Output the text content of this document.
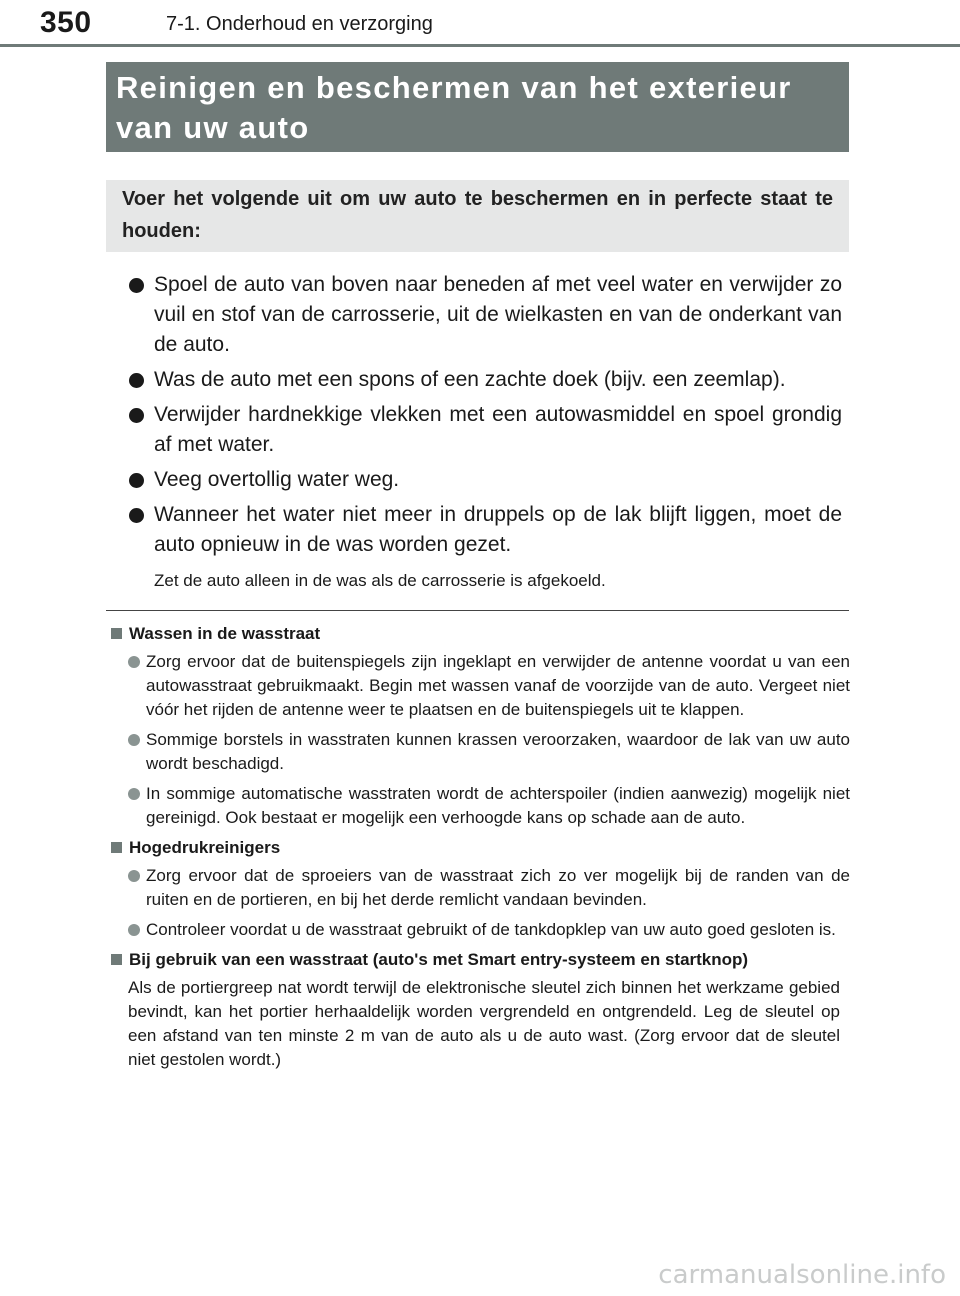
350	7-1. Onderhoud en verzorging
Reinigen en beschermen van het exterieur
van uw auto
Voer het volgende uit om uw auto te beschermen en in perfecte staat te houden:
Spoel de auto van boven naar beneden af met veel water en verwijder zo vuil en stof van de carrosserie, uit de wielkasten en van de onderkant van de auto.
Was de auto met een spons of een zachte doek (bijv. een zeemlap).
Verwijder hardnekkige vlekken met een autowasmiddel en spoel grondig af met water.
Veeg overtollig water weg.
Wanneer het water niet meer in druppels op de lak blijft liggen, moet de auto opnieuw in de was worden gezet.
Zet de auto alleen in de was als de carrosserie is afgekoeld.
Wassen in de wasstraat
Zorg ervoor dat de buitenspiegels zijn ingeklapt en verwijder de antenne voordat u van een autowasstraat gebruikmaakt. Begin met wassen vanaf de voorzijde van de auto. Vergeet niet vóór het rijden de antenne weer te plaatsen en de buitenspiegels uit te klappen.
Sommige borstels in wasstraten kunnen krassen veroorzaken, waardoor de lak van uw auto wordt beschadigd.
In sommige automatische wasstraten wordt de achterspoiler (indien aanwezig) mogelijk niet gereinigd. Ook bestaat er mogelijk een verhoogde kans op schade aan de auto.
Hogedrukreinigers
Zorg ervoor dat de sproeiers van de wasstraat zich zo ver mogelijk bij de randen van de ruiten en de portieren, en bij het derde remlicht vandaan bevinden.
Controleer voordat u de wasstraat gebruikt of de tankdopklep van uw auto goed gesloten is.
Bij gebruik van een wasstraat (auto's met Smart entry-systeem en startknop)
Als de portiergreep nat wordt terwijl de elektronische sleutel zich binnen het werkzame gebied bevindt, kan het portier herhaaldelijk worden vergrendeld en ontgrendeld. Leg de sleutel op een afstand van ten minste 2 m van de auto als u de auto wast. (Zorg ervoor dat de sleutel niet gestolen wordt.)
carmanualsonline.info
